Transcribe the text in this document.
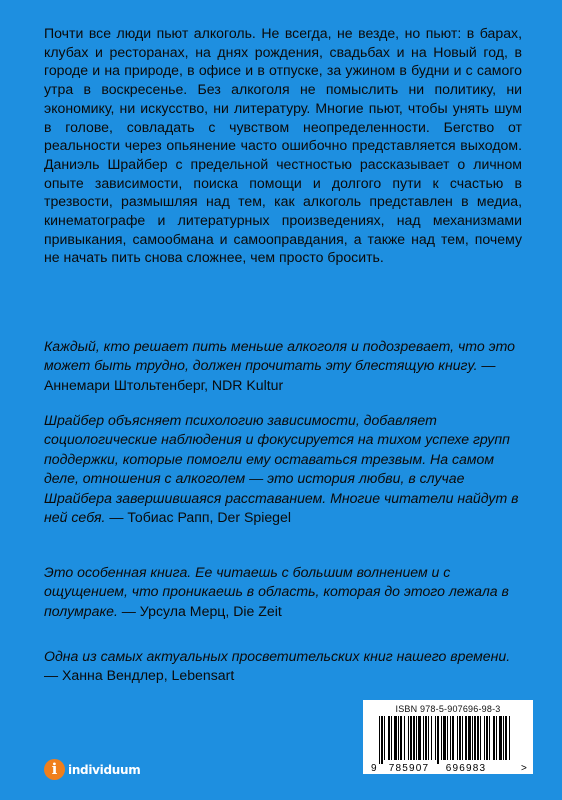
Почти все люди пьют алкоголь. Не всегда, не везде, но пьют: в барах, клубах и ресторанах, на днях рождения, свадьбах и на Новый год, в городе и на природе, в офисе и в отпуске, за ужином в будни и с самого утра в воскресенье. Без алкоголя не помыслить ни политику, ни экономику, ни искусство, ни литературу. Многие пьют, чтобы унять шум в голове, совладать с чувством неопределенности. Бегство от реальности через опьянение часто ошибочно представляется выходом. Даниэль Шрайбер с предельной честностью рассказывает о личном опыте зависимости, поиска помощи и долгого пути к счастью в трезвости, размышляя над тем, как алкоголь представлен в медиа, кинематографе и литературных произведениях, над механизмами привыкания, самообмана и самооправдания, а также над тем, почему не начать пить снова сложнее, чем просто бросить.

Каждый, кто решает пить меньше алкоголя и подозревает, что это может быть трудно, должен прочитать эту блестящую книгу. — Аннемари Штольтенберг, NDR Kultur

Шрайбер объясняет психологию зависимости, добавляет социологические наблюдения и фокусируется на тихом успехе групп поддержки, которые помогли ему оставаться трезвым. На самом деле, отношения с алкоголем — это история любви, в случае Шрайбера завершившаяся расставанием. Многие читатели найдут в ней себя. — Тобиас Рапп, Der Spiegel

Это особенная книга. Ее читаешь с большим волнением и с ощущением, что проникаешь в область, которая до этого лежала в полумраке. — Урсула Мерц, Die Zeit

Одна из самых актуальных просветительских книг нашего времени. — Ханна Вендлер, Lebensart

i individuum
ISBN 978-5-907696-98-3
9 785907 696983	>
